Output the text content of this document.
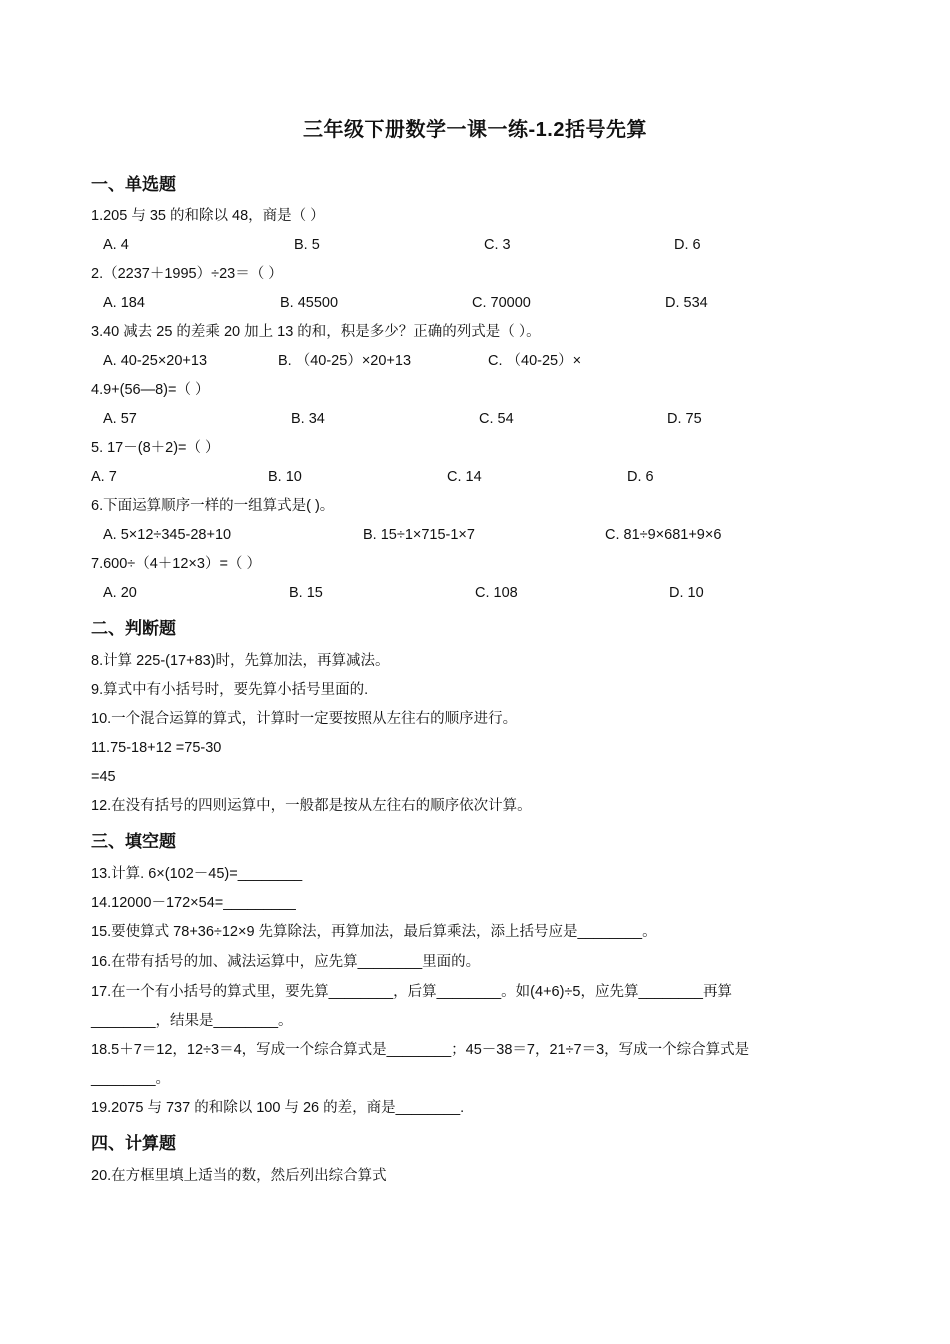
三年级下册数学一课一练-1.2括号先算
一、单选题
1.205 与 35 的和除以 48，商是（ ）
A. 4	B. 5	C. 3	D. 6
2.（2237＋1995）÷23＝（ ）
A. 184	B. 45500	C. 70000	D. 534
3.40 减去 25 的差乘 20 加上 13 的和，积是多少？正确的列式是（ ）。
A. 40-25×20+13	B. （40-25）×20+13	C. （40-25）×
4.9+(56—8)=（ ）
A. 57	B. 34	C. 54	D. 75
5. 17－(8＋2)=（ ）
A. 7	B. 10	C. 14	D. 6
6.下面运算顺序一样的一组算式是( )。
A. 5×12÷345-28+10	B. 15÷1×715-1×7	C. 81÷9×681+9×6
7.600÷（4＋12×3）=（ ）
A. 20	B. 15	C. 108	D. 10
二、判断题
8.计算 225-(17+83)时，先算加法，再算减法。
9.算式中有小括号时，要先算小括号里面的.
10.一个混合运算的算式，计算时一定要按照从左往右的顺序进行。
11.75-18+12 =75-30
=45
12.在没有括号的四则运算中，一般都是按从左往右的顺序依次计算。
三、填空题
13.计算. 6×(102－45)=________
14.12000－172×54=_________
15.要使算式 78+36÷12×9 先算除法，再算加法，最后算乘法，添上括号应是________。
16.在带有括号的加、减法运算中，应先算________里面的。
17.在一个有小括号的算式里，要先算________，后算________。如(4+6)÷5，应先算________再算
________，结果是________。
18.5＋7＝12，12÷3＝4，写成一个综合算式是________；45－38＝7，21÷7＝3，写成一个综合算式是
________。
19.2075 与 737 的和除以 100 与 26 的差，商是________.
四、计算题
20.在方框里填上适当的数，然后列出综合算式
